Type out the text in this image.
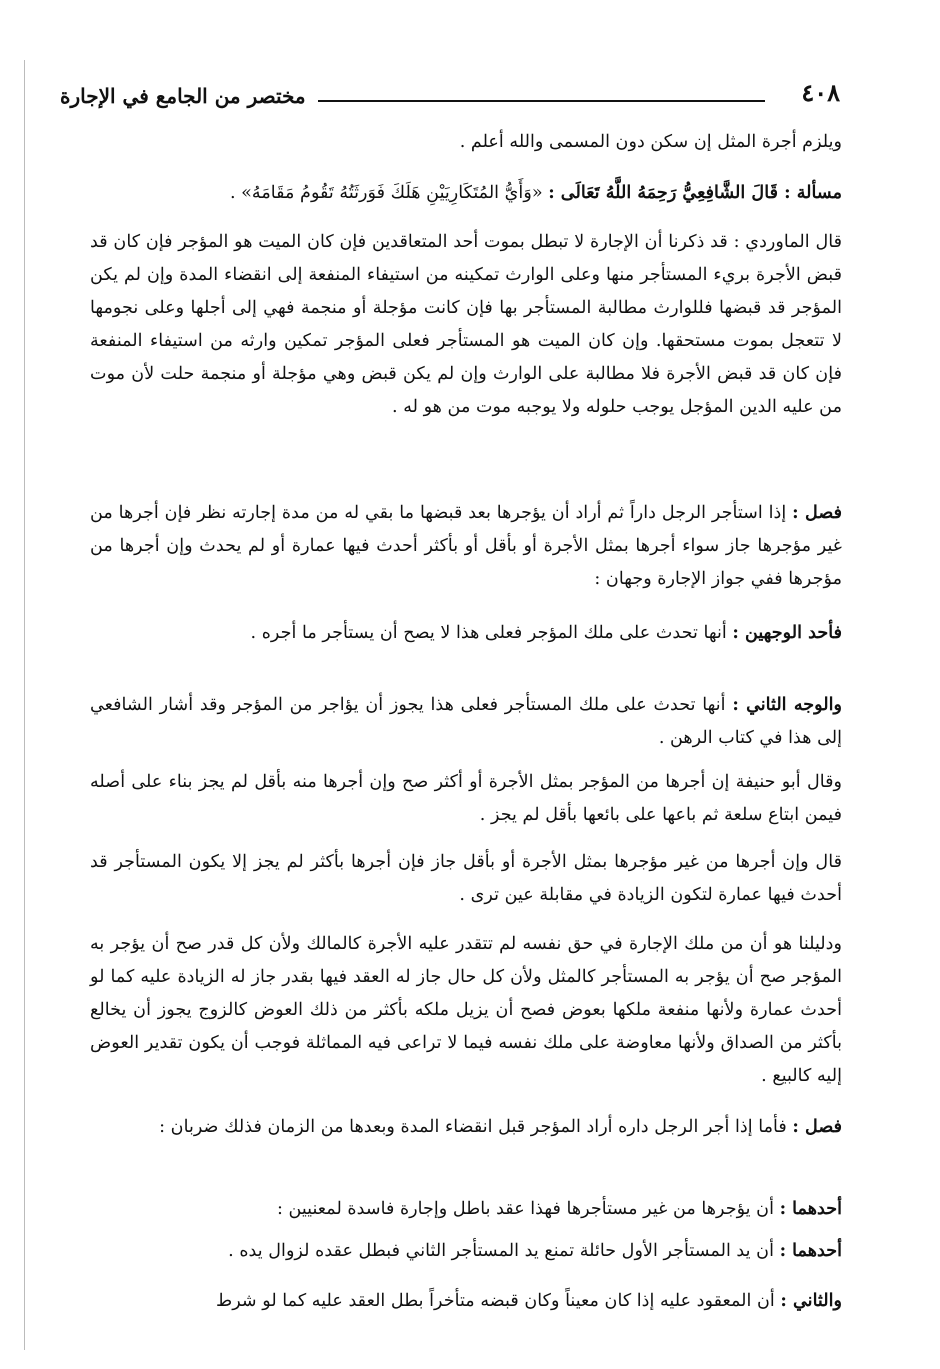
٤٠٨
مختصر من الجامع في الإجارة

ويلزم أجرة المثل إن سكن دون المسمى والله أعلم .

مسألة : قَالَ الشَّافِعِيُّ رَحِمَهُ اللَّهُ تَعَالَى : «وَأَيُّ المُتَكَارِيَيْنِ هَلَكَ فَوَرثَتُهُ تَقُومُ مَقَامَهُ» .

قال الماوردي : قد ذكرنا أن الإجارة لا تبطل بموت أحد المتعاقدين فإن كان الميت هو المؤجر فإن كان قد قبض الأجرة بريء المستأجر منها وعلى الوارث تمكينه من استيفاء المنفعة إلى انقضاء المدة وإن لم يكن المؤجر قد قبضها فللوارث مطالبة المستأجر بها فإن كانت مؤجلة أو منجمة فهي إلى أجلها وعلى نجومها لا تتعجل بموت مستحقها. وإن كان الميت هو المستأجر فعلى المؤجر تمكين وارثه من استيفاء المنفعة فإن كان قد قبض الأجرة فلا مطالبة على الوارث وإن لم يكن قبض وهي مؤجلة أو منجمة حلت لأن موت من عليه الدين المؤجل يوجب حلوله ولا يوجبه موت من هو له .

فصل : إذا استأجر الرجل داراً ثم أراد أن يؤجرها بعد قبضها ما بقي له من مدة إجارته نظر فإن أجرها من غير مؤجرها جاز سواء أجرها بمثل الأجرة أو بأقل أو بأكثر أحدث فيها عمارة أو لم يحدث وإن أجرها من مؤجرها ففي جواز الإجارة وجهان :

فأحد الوجهين : أنها تحدث على ملك المؤجر فعلى هذا لا يصح أن يستأجر ما أجره .

والوجه الثاني : أنها تحدث على ملك المستأجر فعلى هذا يجوز أن يؤاجر من المؤجر وقد أشار الشافعي إلى هذا في كتاب الرهن .

وقال أبو حنيفة إن أجرها من المؤجر بمثل الأجرة أو أكثر صح وإن أجرها منه بأقل لم يجز بناء على أصله فيمن ابتاع سلعة ثم باعها على بائعها بأقل لم يجز .

قال وإن أجرها من غير مؤجرها بمثل الأجرة أو بأقل جاز فإن أجرها بأكثر لم يجز إلا يكون المستأجر قد أحدث فيها عمارة لتكون الزيادة في مقابلة عين ترى .

ودليلنا هو أن من ملك الإجارة في حق نفسه لم تتقدر عليه الأجرة كالمالك ولأن كل قدر صح أن يؤجر به المؤجر صح أن يؤجر به المستأجر كالمثل ولأن كل حال جاز له العقد فيها بقدر جاز له الزيادة عليه كما لو أحدث عمارة ولأنها منفعة ملكها بعوض فصح أن يزيل ملكه بأكثر من ذلك العوض كالزوج يجوز أن يخالع بأكثر من الصداق ولأنها معاوضة على ملك نفسه فيما لا تراعى فيه المماثلة فوجب أن يكون تقدير العوض إليه كالبيع .

فصل : فأما إذا أجر الرجل داره أراد المؤجر قبل انقضاء المدة وبعدها من الزمان فذلك ضربان :

أحدهما : أن يؤجرها من غير مستأجرها فهذا عقد باطل وإجارة فاسدة لمعنيين :

أحدهما : أن يد المستأجر الأول حائلة تمنع يد المستأجر الثاني فبطل عقده لزوال يده .

والثاني : أن المعقود عليه إذا كان معيناً وكان قبضه متأخراً بطل العقد عليه كما لو شرط
